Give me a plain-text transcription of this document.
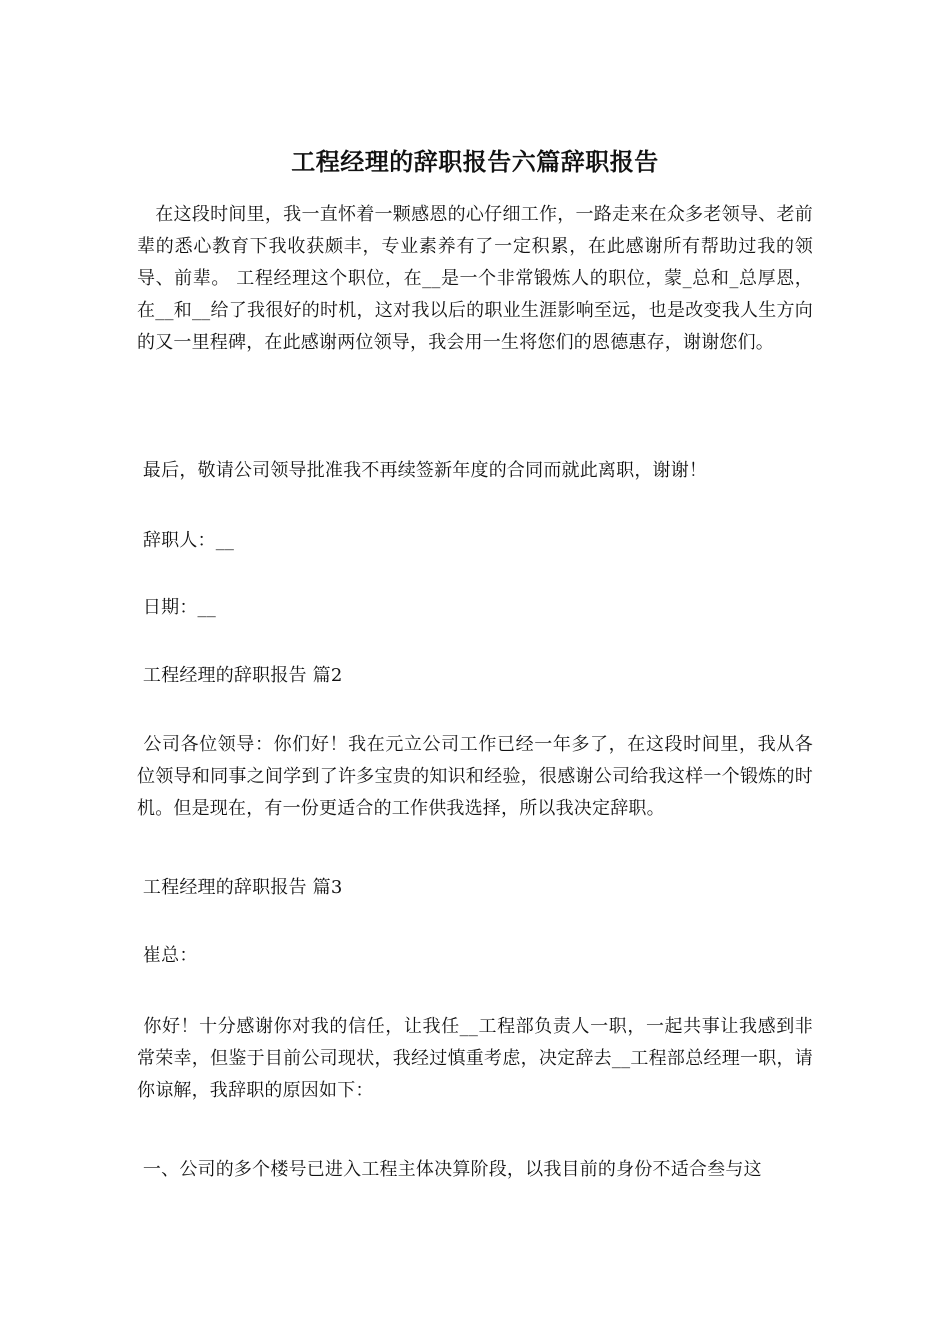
工程经理的辞职报告六篇辞职报告
　在这段时间里，我一直怀着一颗感恩的心仔细工作，一路走来在众多老领导、老前辈的悉心教育下我收获颇丰，专业素养有了一定积累，在此感谢所有帮助过我的领导、前辈。 工程经理这个职位，在__是一个非常锻炼人的职位，蒙_总和_总厚恩，在__和__给了我很好的时机，这对我以后的职业生涯影响至远，也是改变我人生方向的又一里程碑，在此感谢两位领导，我会用一生将您们的恩德惠存，谢谢您们。
最后，敬请公司领导批准我不再续签新年度的合同而就此离职，谢谢！
辞职人：__
日期：__
工程经理的辞职报告 篇2
公司各位领导：你们好！我在元立公司工作已经一年多了，在这段时间里，我从各位领导和同事之间学到了许多宝贵的知识和经验，很感谢公司给我这样一个锻炼的时机。但是现在，有一份更适合的工作供我选择，所以我决定辞职。
工程经理的辞职报告 篇3
崔总：
你好！十分感谢你对我的信任，让我任__工程部负责人一职，一起共事让我感到非常荣幸，但鉴于目前公司现状，我经过慎重考虑，决定辞去__工程部总经理一职，请你谅解，我辞职的原因如下：
一、公司的多个楼号已进入工程主体决算阶段，以我目前的身份不适合叁与这
